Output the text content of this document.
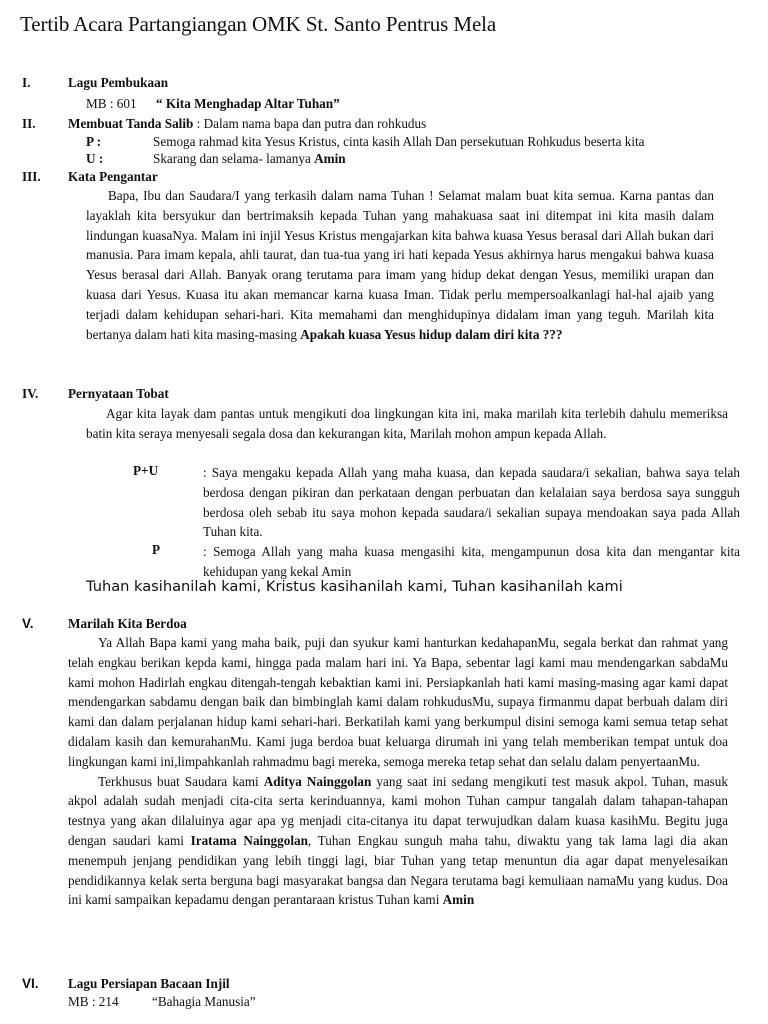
Tertib Acara Partangiangan OMK St. Santo Pentrus Mela
I.	Lagu Pembukaan
MB : 601 “ Kita Menghadap Altar Tuhan”
II. Membuat Tanda Salib : Dalam nama bapa dan putra dan rohkudus
P :	Semoga rahmad kita Yesus Kristus, cinta kasih Allah Dan persekutuan Rohkudus beserta kita
U :	Skarang dan selama- lamanya Amin
III. Kata Pengantar

Bapa, Ibu dan Saudara/I yang terkasih dalam nama Tuhan ! Selamat malam buat kita semua. Karna pantas dan layaklah kita bersyukur dan bertrimaksih kepada Tuhan yang mahakuasa saat ini ditempat ini kita masih dalam lindungan kuasaNya. Malam ini injil Yesus Kristus mengajarkan kita bahwa kuasa Yesus berasal dari Allah bukan dari manusia. Para imam kepala, ahli taurat, dan tua-tua yang iri hati kepada Yesus akhirnya harus mengakui bahwa kuasa Yesus berasal dari Allah. Banyak orang terutama para imam yang hidup dekat dengan Yesus, memiliki urapan dan kuasa dari Yesus. Kuasa itu akan memancar karna kuasa Iman. Tidak perlu mempersoalkanlagi hal-hal ajaib yang terjadi dalam kehidupan sehari-hari. Kita memahami dan menghidupinya didalam iman yang teguh. Marilah kita bertanya dalam hati kita masing-masing Apakah kuasa Yesus hidup dalam diri kita ???

IV. Pernyataan Tobat

Agar kita layak dam pantas untuk mengikuti doa lingkungan kita ini, maka marilah kita terlebih dahulu memeriksa batin kita seraya menyesali segala dosa dan kekurangan kita, Marilah mohon ampun kepada Allah.

P+U	: Saya mengaku kepada Allah yang maha kuasa, dan kepada saudara/i sekalian, bahwa saya telah berdosa dengan pikiran dan perkataan dengan perbuatan dan kelalaian saya berdosa saya sungguh berdosa oleh sebab itu saya mohon kepada saudara/i sekalian supaya mendoakan saya pada Allah Tuhan kita.
P	: Semoga Allah yang maha kuasa mengasihi kita, mengampunun dosa kita dan mengantar kita kehidupan yang kekal Amin
Tuhan kasihanilah kami, Kristus kasihanilah kami, Tuhan kasihanilah kami
V.	Marilah Kita Berdoa

Ya Allah Bapa kami yang maha baik, puji dan syukur kami hanturkan kedahapanMu, segala berkat dan rahmat yang telah engkau berikan kepda kami, hingga pada malam hari ini. Ya Bapa, sebentar lagi kami mau mendengarkan sabdaMu kami mohon Hadirlah engkau ditengah-tengah kebaktian kami ini. Persiapkanlah hati kami masing-masing agar kami dapat mendengarkan sabdamu dengan baik dan bimbinglah kami dalam rohkudusMu, supaya firmanmu dapat berbuah dalam diri kami dan dalam perjalanan hidup kami sehari-hari. Berkatilah kami yang berkumpul disini semoga kami semua tetap sehat didalam kasih dan kemurahanMu. Kami juga berdoa buat keluarga dirumah ini yang telah memberikan tempat untuk doa lingkungan kami ini,limpahkanlah rahmadmu bagi mereka, semoga mereka tetap sehat dan selalu dalam penyertaanMu.

Terkhusus buat Saudara kami Aditya Nainggolan yang saat ini sedang mengikuti test masuk akpol. Tuhan, masuk akpol adalah sudah menjadi cita-cita serta kerinduannya, kami mohon Tuhan campur tangalah dalam tahapan-tahapan testnya yang akan dilaluinya agar apa yg menjadi cita-citanya itu dapat terwujudkan dalam kuasa kasihMu. Begitu juga dengan saudari kami Iratama Nainggolan, Tuhan Engkau sunguh maha tahu, diwaktu yang tak lama lagi dia akan menempuh jenjang pendidikan yang lebih tinggi lagi, biar Tuhan yang tetap menuntun dia agar dapat menyelesaikan pendidikannya kelak serta berguna bagi masyarakat bangsa dan Negara terutama bagi kemuliaan namaMu yang kudus. Doa ini kami sampaikan kepadamu dengan perantaraan kristus Tuhan kami Amin

VI. Lagu Persiapan Bacaan Injil
MB : 214	“Bahagia Manusia”
